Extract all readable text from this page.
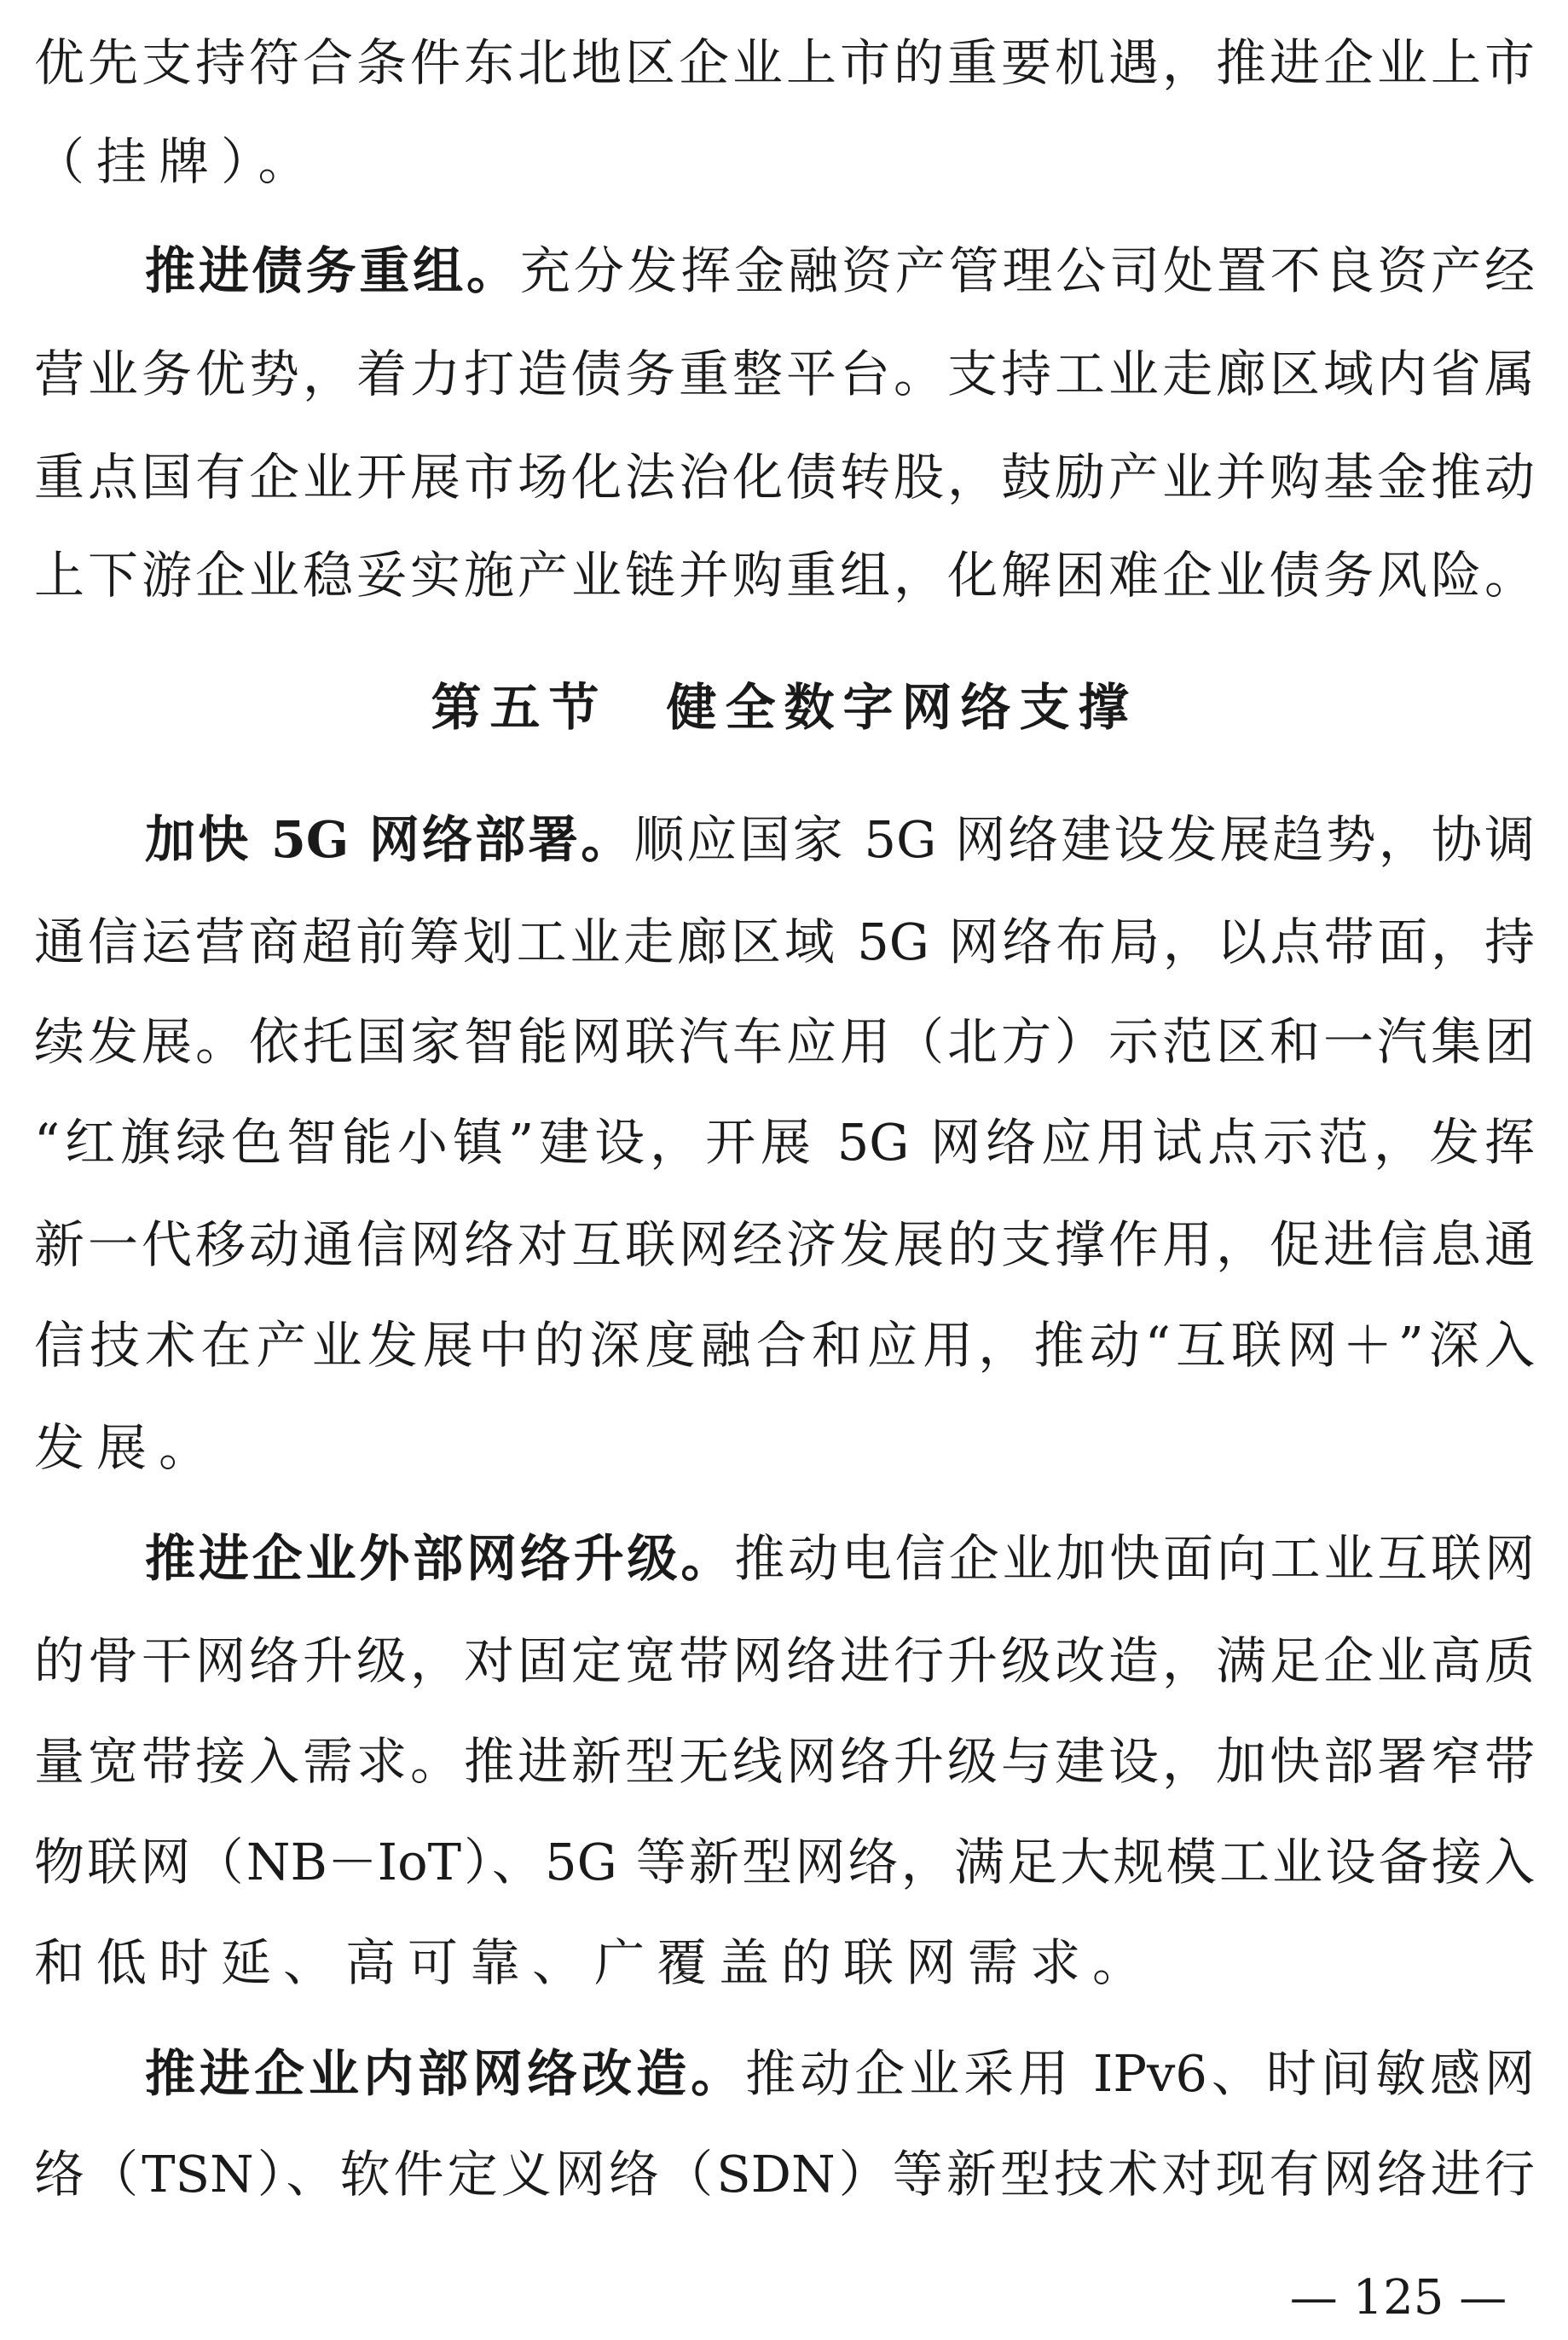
优先支持符合条件东北地区企业上市的重要机遇，推进企业上市
（挂牌）。
推进债务重组。充分发挥金融资产管理公司处置不良资产经
营业务优势，着力打造债务重整平台。支持工业走廊区域内省属
重点国有企业开展市场化法治化债转股，鼓励产业并购基金推动
上下游企业稳妥实施产业链并购重组，化解困难企业债务风险。
第五节　健全数字网络支撑
加快 5G 网络部署。顺应国家 5G 网络建设发展趋势，协调
通信运营商超前筹划工业走廊区域 5G 网络布局，以点带面，持
续发展。依托国家智能网联汽车应用（北方）示范区和一汽集团
“红旗绿色智能小镇”建设，开展 5G 网络应用试点示范，发挥
新一代移动通信网络对互联网经济发展的支撑作用，促进信息通
信技术在产业发展中的深度融合和应用，推动“互联网＋”深入
发展。
推进企业外部网络升级。推动电信企业加快面向工业互联网
的骨干网络升级，对固定宽带网络进行升级改造，满足企业高质
量宽带接入需求。推进新型无线网络升级与建设，加快部署窄带
物联网（NB－IoT）、5G 等新型网络，满足大规模工业设备接入
和低时延、高可靠、广覆盖的联网需求。
推进企业内部网络改造。推动企业采用 IPv6、时间敏感网
络（TSN）、软件定义网络（SDN）等新型技术对现有网络进行
— 125 —
